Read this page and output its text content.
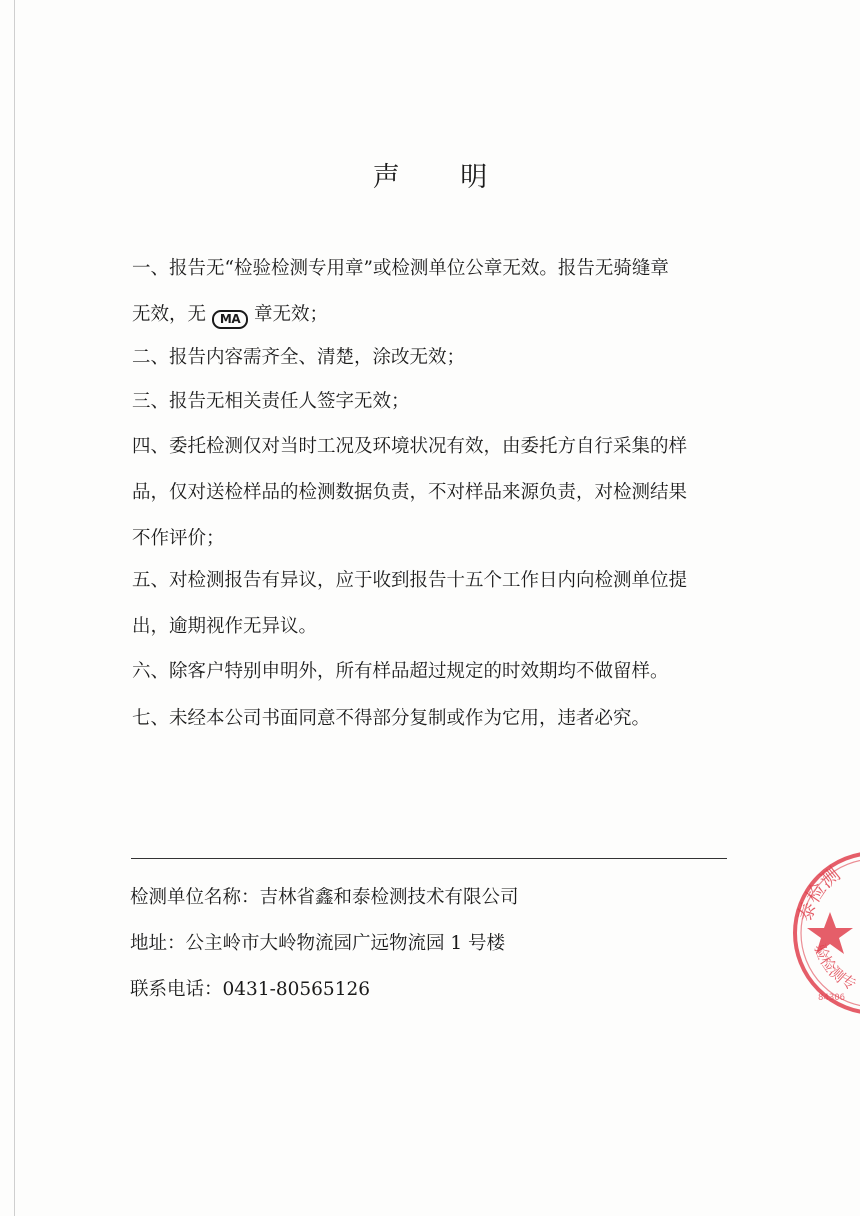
声 明
一、报告无“检验检测专用章”或检测单位公章无效。报告无骑缝章
无效，无 MA 章无效；
二、报告内容需齐全、清楚，涂改无效；
三、报告无相关责任人签字无效；
四、委托检测仅对当时工况及环境状况有效，由委托方自行采集的样
品，仅对送检样品的检测数据负责，不对样品来源负责，对检测结果
不作评价；
五、对检测报告有异议，应于收到报告十五个工作日内向检测单位提
出，逾期视作无异议。
六、除客户特别申明外，所有样品超过规定的时效期均不做留样。
七、未经本公司书面同意不得部分复制或作为它用，违者必究。
检测单位名称：吉林省鑫和泰检测技术有限公司
地址：公主岭市大岭物流园广远物流园 1 号楼
联系电话：0431-80565126
泰检测
验检测专
84306
